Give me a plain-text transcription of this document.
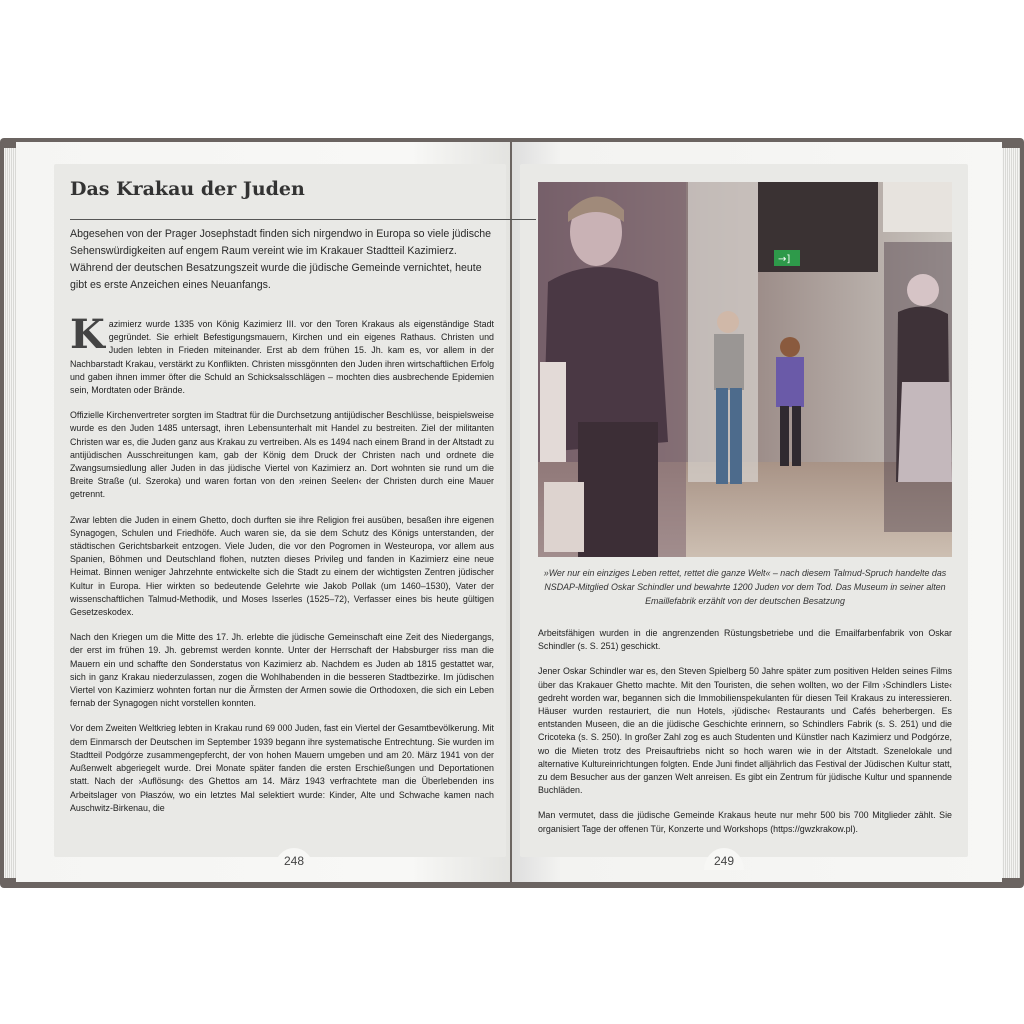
Das Krakau der Juden

Abgesehen von der Prager Josephstadt finden sich nirgendwo in Europa so viele jüdische Sehenswürdigkeiten auf engem Raum vereint wie im Krakauer Stadtteil Kazimierz. Während der deutschen Besatzungszeit wurde die jüdische Gemeinde vernichtet, heute gibt es erste Anzeichen eines Neuanfangs.

Kazimierz wurde 1335 von König Kazimierz III. vor den Toren Krakaus als eigenständige Stadt gegründet. Sie erhielt Befestigungsmauern, Kirchen und ein eigenes Rathaus. Christen und Juden lebten in Frieden miteinander. Erst ab dem frühen 15. Jh. kam es, vor allem in der Nachbarstadt Krakau, verstärkt zu Konflikten. Christen missgönnten den Juden ihren wirtschaftlichen Erfolg und gaben ihnen immer öfter die Schuld an Schicksalsschlägen – mochten dies ausbrechende Epidemien sein, Mordtaten oder Brände.

Offizielle Kirchenvertreter sorgten im Stadtrat für die Durchsetzung antijüdischer Beschlüsse, beispielsweise wurde es den Juden 1485 untersagt, ihren Lebensunterhalt mit Handel zu bestreiten. Ziel der militanten Christen war es, die Juden ganz aus Krakau zu vertreiben. Als es 1494 nach einem Brand in der Altstadt zu antijüdischen Ausschreitungen kam, gab der König dem Druck der Christen nach und ordnete die Zwangsumsiedlung aller Juden in das jüdische Viertel von Kazimierz an. Dort wohnten sie rund um die Breite Straße (ul. Szeroka) und waren fortan von den ›reinen Seelen‹ der Christen durch eine Mauer getrennt.

Zwar lebten die Juden in einem Ghetto, doch durften sie ihre Religion frei ausüben, besaßen ihre eigenen Synagogen, Schulen und Friedhöfe. Auch waren sie, da sie dem Schutz des Königs unterstanden, der städtischen Gerichtsbarkeit entzogen. Viele Juden, die vor den Pogromen in Westeuropa, vor allem aus Spanien, Böhmen und Deutschland flohen, nutzten dieses Privileg und fanden in Kazimierz eine neue Heimat. Binnen weniger Jahrzehnte entwickelte sich die Stadt zu einem der wichtigsten Zentren jüdischer Kultur in Europa. Hier wirkten so bedeutende Gelehrte wie Jakob Pollak (um 1460–1530), Vater der wissenschaftlichen Talmud-Methodik, und Moses Isserles (1525–72), Verfasser eines bis heute gültigen Gesetzeskodex.

Nach den Kriegen um die Mitte des 17. Jh. erlebte die jüdische Gemeinschaft eine Zeit des Niedergangs, der erst im frühen 19. Jh. gebremst werden konnte. Unter der Herrschaft der Habsburger riss man die Mauern ein und schaffte den Sonderstatus von Kazimierz ab. Nachdem es Juden ab 1815 gestattet war, sich in ganz Krakau niederzulassen, zogen die Wohlhabenden in die besseren Stadtbezirke. Im jüdischen Viertel von Kazimierz wohnten fortan nur die Ärmsten der Armen sowie die Orthodoxen, die sich ein Leben fernab der Synagogen nicht vorstellen konnten.

Vor dem Zweiten Weltkrieg lebten in Krakau rund 69 000 Juden, fast ein Viertel der Gesamtbevölkerung. Mit dem Einmarsch der Deutschen im September 1939 begann ihre systematische Entrechtung. Sie wurden im Stadtteil Podgórze zusammengepfercht, der von hohen Mauern umgeben und am 20. März 1941 von der Außenwelt abgeriegelt wurde. Drei Monate später fanden die ersten Erschießungen und Deportationen statt. Nach der ›Auflösung‹ des Ghettos am 14. März 1943 verfrachtete man die Überlebenden ins Arbeitslager von Płaszów, wo ein letztes Mal selektiert wurde: Kinder, Alte und Schwache kamen nach Auschwitz-Birkenau, die

248
→]

»Wer nur ein einziges Leben rettet, rettet die ganze Welt« – nach diesem Talmud-Spruch handelte das NSDAP-Mitglied Oskar Schindler und bewahrte 1200 Juden vor dem Tod. Das Museum in seiner alten Emaillefabrik erzählt von der deutschen Besatzung

Arbeitsfähigen wurden in die angrenzenden Rüstungsbetriebe und die Emailfarbenfabrik von Oskar Schindler (s. S. 251) geschickt.

Jener Oskar Schindler war es, den Steven Spielberg 50 Jahre später zum positiven Helden seines Films über das Krakauer Ghetto machte. Mit den Touristen, die sehen wollten, wo der Film ›Schindlers Liste‹ gedreht worden war, begannen sich die Immobilienspekulanten für diesen Teil Krakaus zu interessieren. Häuser wurden restauriert, die nun Hotels, ›jüdische‹ Restaurants und Cafés beherbergen. Es entstanden Museen, die an die jüdische Geschichte erinnern, so Schindlers Fabrik (s. S. 251) und die Cricoteka (s. S. 250). In großer Zahl zog es auch Studenten und Künstler nach Kazimierz und Podgórze, wo die Mieten trotz des Preisauftriebs nicht so hoch waren wie in der Altstadt. Szenelokale und alternative Kultureinrichtungen folgten. Ende Juni findet alljährlich das Festival der Jüdischen Kultur statt, zu dem Besucher aus der ganzen Welt anreisen. Es gibt ein Zentrum für jüdische Kultur und spannende Buchläden.

Man vermutet, dass die jüdische Gemeinde Krakaus heute nur mehr 500 bis 700 Mitglieder zählt. Sie organisiert Tage der offenen Tür, Konzerte und Workshops (https://gwzkrakow.pl).

249
